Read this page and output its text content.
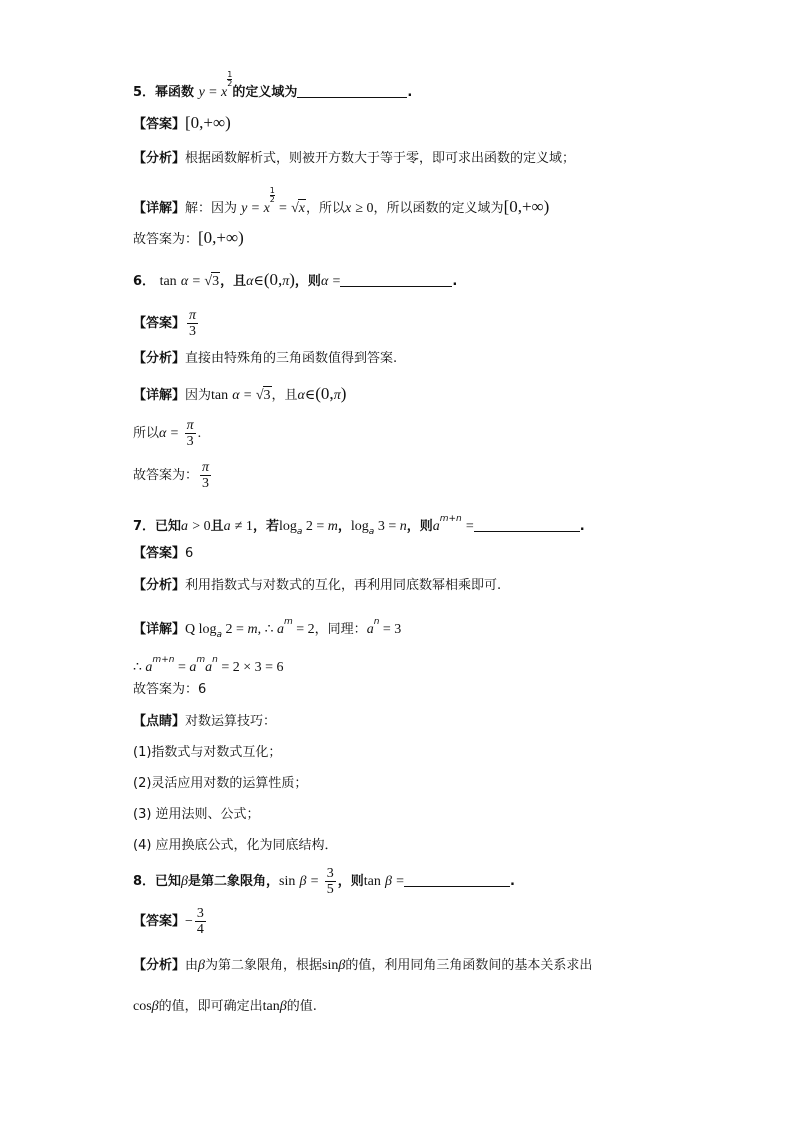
5．幂函数 y = x
$\frac{1}{2}$
的定义域为	.
【答案】[0,+∞)
【分析】根据函数解析式，则被开方数大于等于零，即可求出函数的定义域；
【详解】解：因为 y = x
$\frac{1}{2}$
= √x，所以x ≥ 0，所以函数的定义域为[0,+∞)
故答案为：[0,+∞)
6． tan α = √3，且α∈(0,π)，则α =	.
【答案】 $\frac{\pi}{3}$
【分析】直接由特殊角的三角函数值得到答案.
【详解】因为tan α = √3，且α∈(0,π)
所以$\alpha = \frac{\pi}{3}$ .
故答案为： $\frac{\pi}{3}$
7．已知a > 0且a ≠ 1，若$\log_a 2 = m$，$\log_a 3 = n$，则$a^{m+n}$ =	.
【答案】6
【分析】利用指数式与对数式的互化，再利用同底数幂相乘即可.
【详解】Q $\log_a 2 = m$, ∴ $a^m = 2$，同理：$a^n = 3$
∴ $a^{m+n} = a^ma^n = 2 \times 3 = 6$
故答案为：6
【点睛】对数运算技巧：
(1)指数式与对数式互化；
(2)灵活应用对数的运算性质；
(3) 逆用法则、公式；
(4) 应用换底公式，化为同底结构．
8．已知β是第二象限角，$\sin \beta = \frac{3}{5}$ ，则tan β =	.
【答案】− $\frac{3}{4}$
【分析】由β为第二象限角，根据sinβ的值，利用同角三角函数间的基本关系求出
cosβ的值，即可确定出tanβ的值.
